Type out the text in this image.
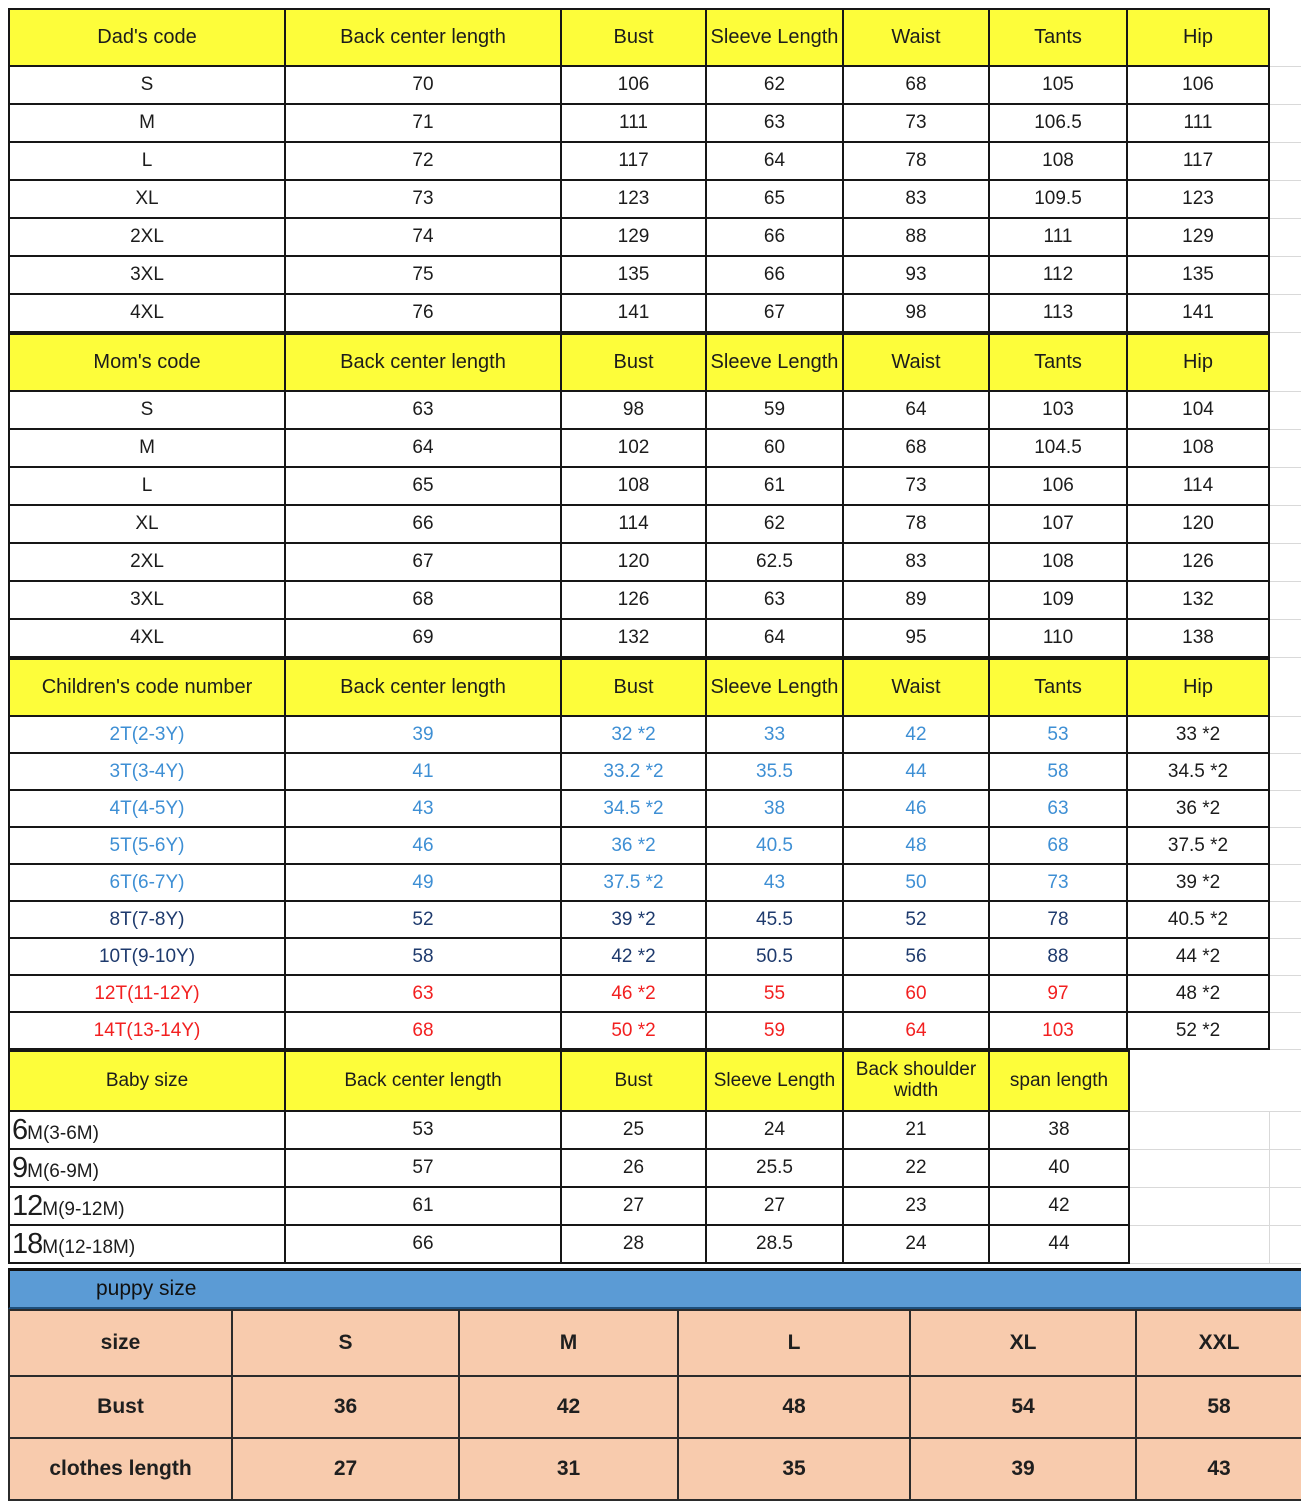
Dad's code	Back center length	Bust	Sleeve Length	Waist	Tants	Hip	
S	70	106	62	68	105	106	
M	71	111	63	73	106.5	111	
L	72	117	64	78	108	117	
XL	73	123	65	83	109.5	123	
2XL	74	129	66	88	111	129	
3XL	75	135	66	93	112	135	
4XL	76	141	67	98	113	141	
Mom's code	Back center length	Bust	Sleeve Length	Waist	Tants	Hip	
S	63	98	59	64	103	104	
M	64	102	60	68	104.5	108	
L	65	108	61	73	106	114	
XL	66	114	62	78	107	120	
2XL	67	120	62.5	83	108	126	
3XL	68	126	63	89	109	132	
4XL	69	132	64	95	110	138	
Children's code number	Back center length	Bust	Sleeve Length	Waist	Tants	Hip	
2T(2-3Y)	39	32 *2	33	42	53	33 *2	
3T(3-4Y)	41	33.2 *2	35.5	44	58	34.5 *2	
4T(4-5Y)	43	34.5 *2	38	46	63	36 *2	
5T(5-6Y)	46	36 *2	40.5	48	68	37.5 *2	
6T(6-7Y)	49	37.5 *2	43	50	73	39 *2	
8T(7-8Y)	52	39 *2	45.5	52	78	40.5 *2	
10T(9-10Y)	58	42 *2	50.5	56	88	44 *2	
12T(11-12Y)	63	46 *2	55	60	97	48 *2	
14T(13-14Y)	68	50 *2	59	64	103	52 *2	
Baby size	Back center length	Bust	Sleeve Length	Back shoulder width	span length		
6M(3-6M)	53	25	24	21	38		
9M(6-9M)	57	26	25.5	22	40		
12M(9-12M)	61	27	27	23	42		
18M(12-18M)	66	28	28.5	24	44		
puppy size
size	S	M	L	XL	XXL
Bust	36	42	48	54	58
clothes length	27	31	35	39	43
